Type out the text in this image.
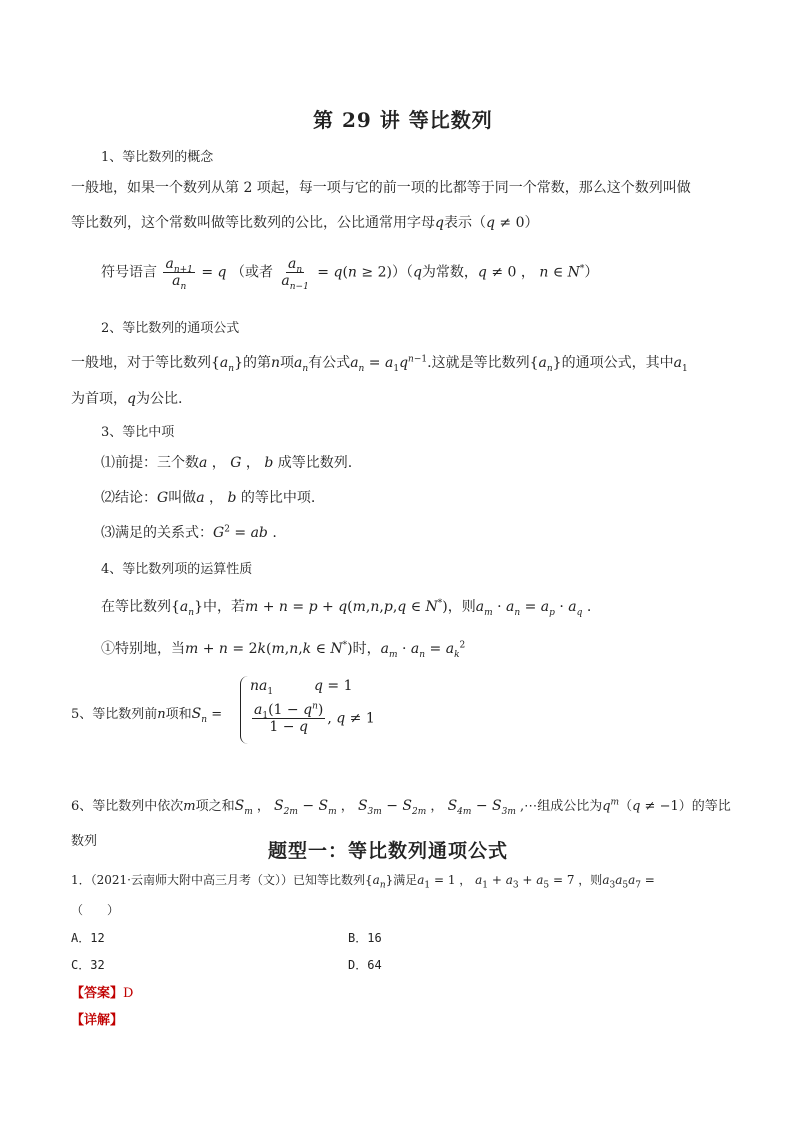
第 29 讲 等比数列
1、等比数列的概念
一般地，如果一个数列从第 2 项起，每一项与它的前一项的比都等于同一个常数，那么这个数列叫做
等比数列，这个常数叫做等比数列的公比，公比通常用字母q表示（q ≠ 0）
符号语言 $\frac{a_{n+1}}{a_n} = q$ （或者 $\frac{a_n}{a_{n-1}} = q(n \ge 2))(q$为常数，q ≠ 0 ， n ∈ N*）
2、等比数列的通项公式
一般地，对于等比数列$\{a_n\}$的第n项$a_n$有公式$a_n = a_1q^{n-1}$.这就是等比数列$\{a_n\}$的通项公式，其中$a_1$
为首项，q为公比.
3、等比中项
⑴前提：三个数a ， G ， b 成等比数列.
⑵结论：G叫做a ， b 的等比中项.
⑶满足的关系式：$G^2$ = ab .
4、等比数列项的运算性质
在等比数列$\{a_n\}$中，若m + n = p + q(m,n,p,q ∈ N*)，则$a_m \cdot a_n = a_p \cdot a_q$ .
①特别地，当m + n = 2k(m,n,k ∈ N*)时，$a_m \cdot a_n = a_k^2$
5、等比数列前n项和$S_n$ =
$na_1$	q = 1
$\frac{a_1(1 - q^n)}{1 - q}$ , q ≠ 1
6、等比数列中依次m项之和$S_m$ ， $S_{2m} - S_m$ ， $S_{3m} - S_{2m}$ ， $S_{4m} - S_{3m}$ ,⋯组成公比为$q^m(q \ne -1)$的等比
数列	题型一：等比数列通项公式
1．（2021·云南师大附中高三月考（文））已知等比数列$\{a_n\}$满足$a_1 = 1$ ， $a_1 + a_3 + a_5 = 7$ ，则$a_3a_5a_7$ =
（　　）
A．12	B．16
C．32	D．64
【答案】D
【详解】
